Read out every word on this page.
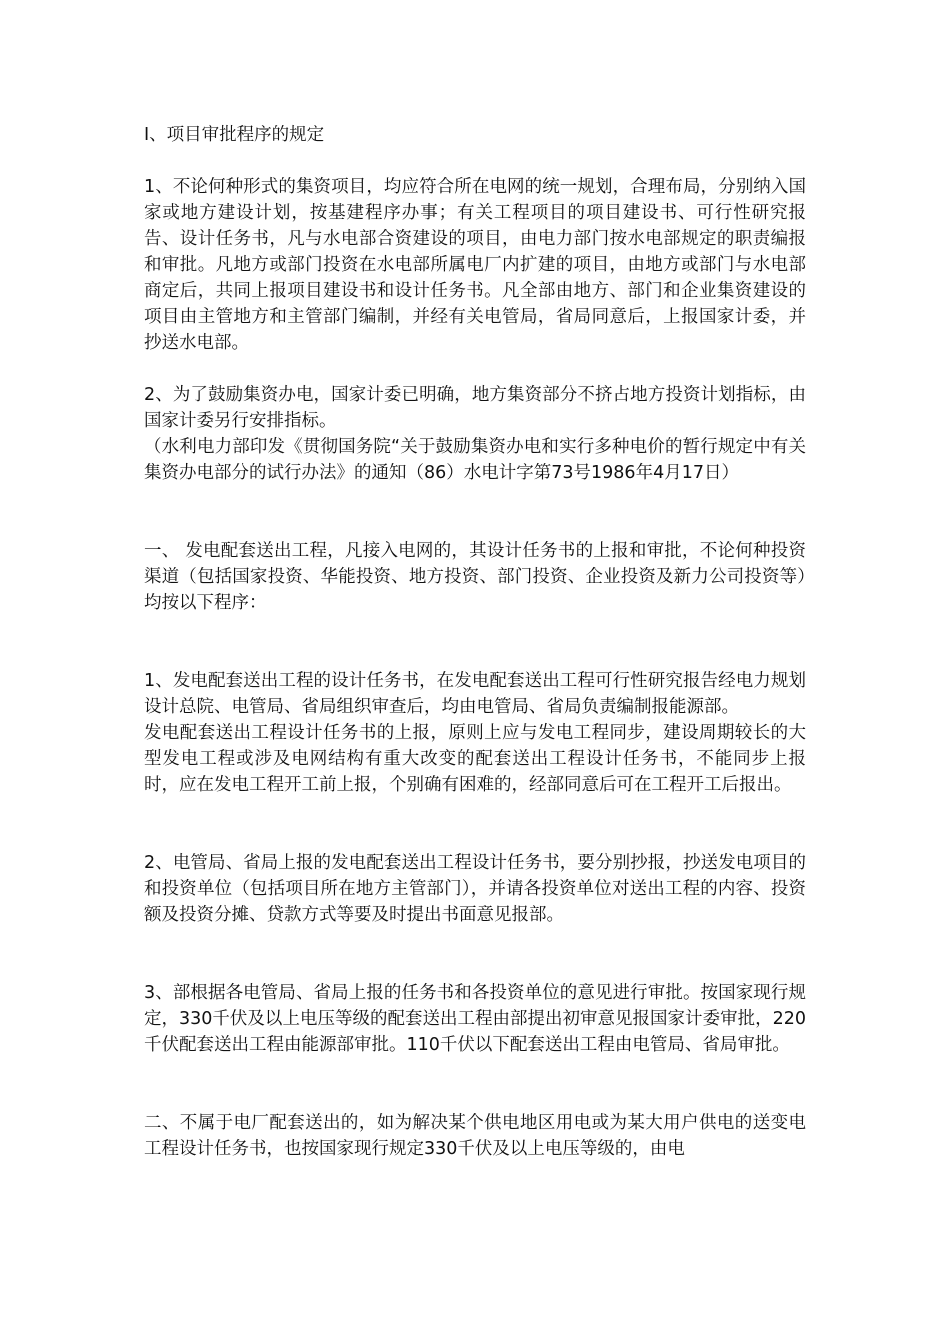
I、项目审批程序的规定

1、不论何种形式的集资项目，均应符合所在电网的统一规划，合理布局，分别纳入国家或地方建设计划，按基建程序办事；有关工程项目的项目建设书、可行性研究报告、设计任务书，凡与水电部合资建设的项目，由电力部门按水电部规定的职责编报和审批。凡地方或部门投资在水电部所属电厂内扩建的项目，由地方或部门与水电部商定后，共同上报项目建设书和设计任务书。凡全部由地方、部门和企业集资建设的项目由主管地方和主管部门编制，并经有关电管局，省局同意后，上报国家计委，并抄送水电部。

2、为了鼓励集资办电，国家计委已明确，地方集资部分不挤占地方投资计划指标，由国家计委另行安排指标。

（水利电力部印发《贯彻国务院“关于鼓励集资办电和实行多种电价的暂行规定中有关集资办电部分的试行办法》的通知（86）水电计字第73号1986年4月17日）

一、 发电配套送出工程，凡接入电网的，其设计任务书的上报和审批，不论何种投资渠道（包括国家投资、华能投资、地方投资、部门投资、企业投资及新力公司投资等）均按以下程序：

1、发电配套送出工程的设计任务书，在发电配套送出工程可行性研究报告经电力规划设计总院、电管局、省局组织审查后，均由电管局、省局负责编制报能源部。

发电配套送出工程设计任务书的上报，原则上应与发电工程同步，建设周期较长的大型发电工程或涉及电网结构有重大改变的配套送出工程设计任务书，不能同步上报时，应在发电工程开工前上报，个别确有困难的，经部同意后可在工程开工后报出。

2、电管局、省局上报的发电配套送出工程设计任务书，要分别抄报，抄送发电项目的和投资单位（包括项目所在地方主管部门），并请各投资单位对送出工程的内容、投资额及投资分摊、贷款方式等要及时提出书面意见报部。

3、部根据各电管局、省局上报的任务书和各投资单位的意见进行审批。按国家现行规定，330千伏及以上电压等级的配套送出工程由部提出初审意见报国家计委审批，220千伏配套送出工程由能源部审批。110千伏以下配套送出工程由电管局、省局审批。

二、不属于电厂配套送出的，如为解决某个供电地区用电或为某大用户供电的送变电工程设计任务书，也按国家现行规定330千伏及以上电压等级的，由电
